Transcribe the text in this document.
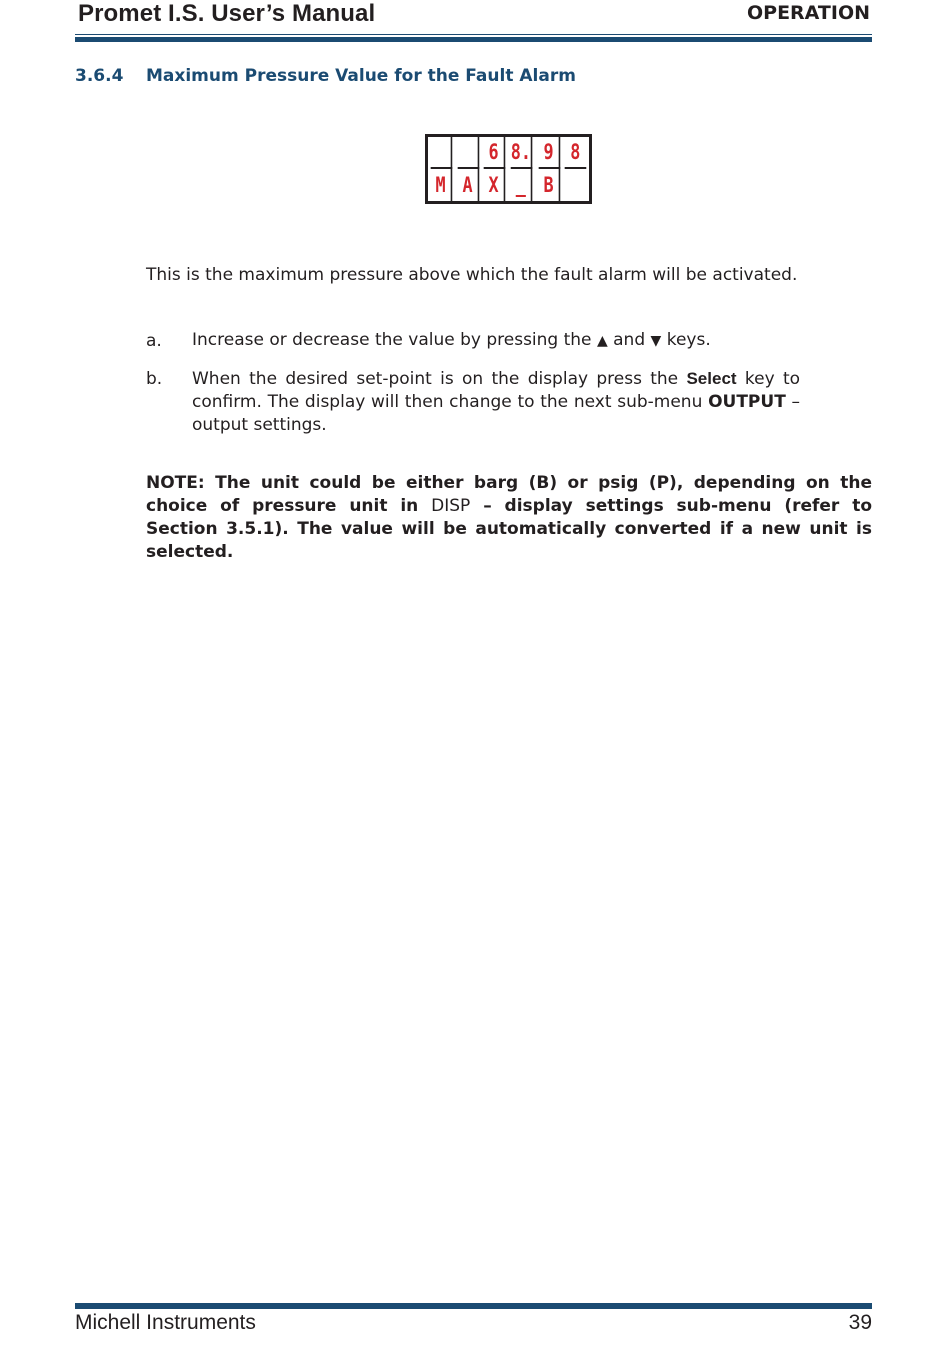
Promet I.S. User’s Manual	OPERATION
3.6.4 Maximum Pressure Value for the Fault Alarm
6 8. 9 8
M A X _ B
This is the maximum pressure above which the fault alarm will be activated.
a. Increase or decrease the value by pressing the ▲ and ▼ keys.
b. When the desired set-point is on the display press the Select key to confirm. The display will then change to the next sub-menu OUTPUT – output settings.
NOTE: The unit could be either barg (B) or psig (P), depending on the choice of pressure unit in DISP – display settings sub-menu (refer to Section 3.5.1). The value will be automatically converted if a new unit is selected.
Michell Instruments	39
